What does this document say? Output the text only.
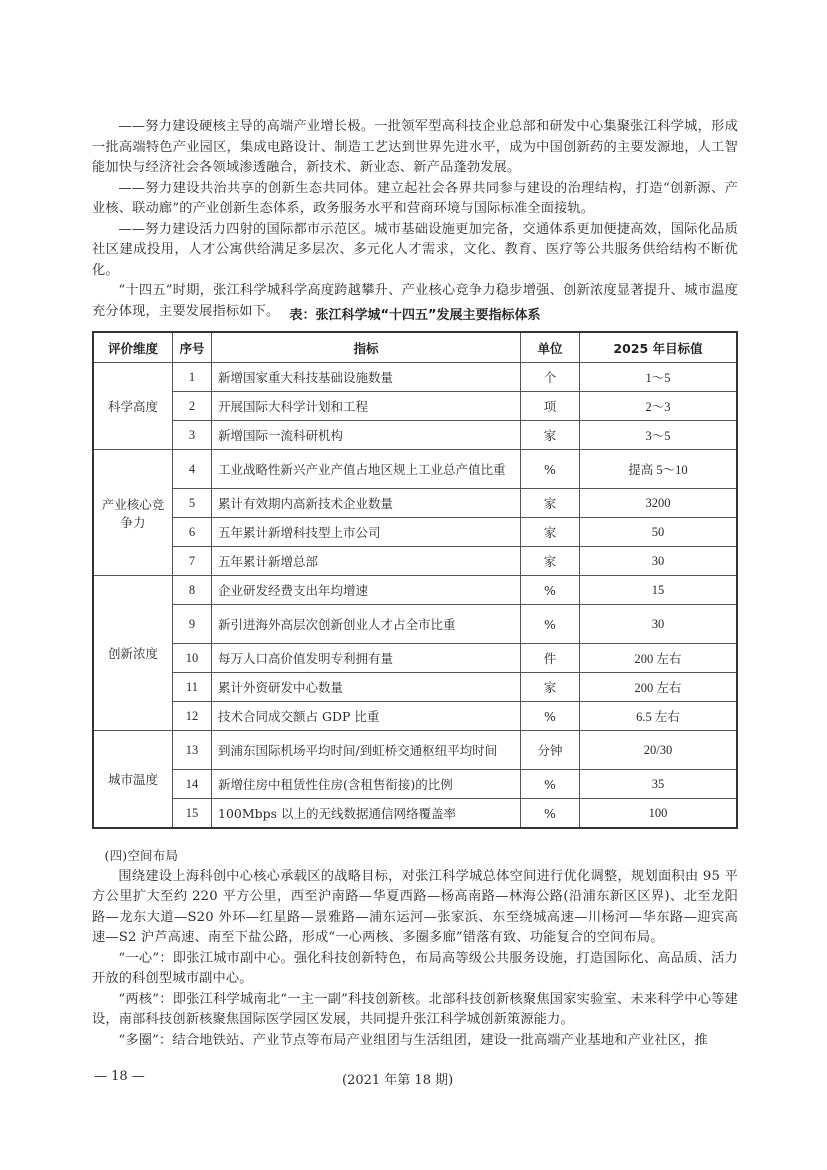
——努力建设硬核主导的高端产业增长极。一批领军型高科技企业总部和研发中心集聚张江科学城，形成一批高端特色产业园区，集成电路设计、制造工艺达到世界先进水平，成为中国创新药的主要发源地，人工智能加快与经济社会各领域渗透融合，新技术、新业态、新产品蓬勃发展。

——努力建设共治共享的创新生态共同体。建立起社会各界共同参与建设的治理结构，打造“创新源、产业核、联动廊”的产业创新生态体系，政务服务水平和营商环境与国际标准全面接轨。

——努力建设活力四射的国际都市示范区。城市基础设施更加完备，交通体系更加便捷高效，国际化品质社区建成投用，人才公寓供给满足多层次、多元化人才需求，文化、教育、医疗等公共服务供给结构不断优化。

“十四五”时期，张江科学城科学高度跨越攀升、产业核心竞争力稳步增强、创新浓度显著提升、城市温度充分体现，主要发展指标如下。 表：张江科学城“十四五”发展主要指标体系
评价维度	序号	指标	单位	2025 年目标值
科学高度	1	新增国家重大科技基础设施数量	个	1～5
	2	开展国际大科学计划和工程	项	2～3
	3	新增国际一流科研机构	家	3～5
产业核心竞争力	4	工业战略性新兴产业产值占地区规上工业总产值比重	%	提高 5～10
	5	累计有效期内高新技术企业数量	家	3200
	6	五年累计新增科技型上市公司	家	50
	7	五年累计新增总部	家	30
创新浓度	8	企业研发经费支出年均增速	%	15
	9	新引进海外高层次创新创业人才占全市比重	%	30
	10	每万人口高价值发明专利拥有量	件	200 左右
	11	累计外资研发中心数量	家	200 左右
	12	技术合同成交额占 GDP 比重	%	6.5 左右
城市温度	13	到浦东国际机场平均时间/到虹桥交通枢纽平均时间	分钟	20/30
	14	新增住房中租赁性住房(含租售衔接)的比例	%	35
	15	100Mbps 以上的无线数据通信网络覆盖率	%	100

(四)空间布局

围绕建设上海科创中心核心承载区的战略目标，对张江科学城总体空间进行优化调整，规划面积由 95 平方公里扩大至约 220 平方公里，西至沪南路—华夏西路—杨高南路—林海公路(沿浦东新区区界)、北至龙阳路—龙东大道—S20 外环—红星路—景雅路—浦东运河—张家浜、东至绕城高速—川杨河—华东路—迎宾高速—S2 沪芦高速、南至下盐公路，形成“一心两核、多圈多廊”错落有致、功能复合的空间布局。

“一心”：即张江城市副中心。强化科技创新特色，布局高等级公共服务设施，打造国际化、高品质、活力开放的科创型城市副中心。

“两核”：即张江科学城南北“一主一副”科技创新核。北部科技创新核聚焦国家实验室、未来科学中心等建设，南部科技创新核聚焦国际医学园区发展，共同提升张江科学城创新策源能力。

“多圈”：结合地铁站、产业节点等布局产业组团与生活组团，建设一批高端产业基地和产业社区，推

— 18 —	(2021 年第 18 期)
